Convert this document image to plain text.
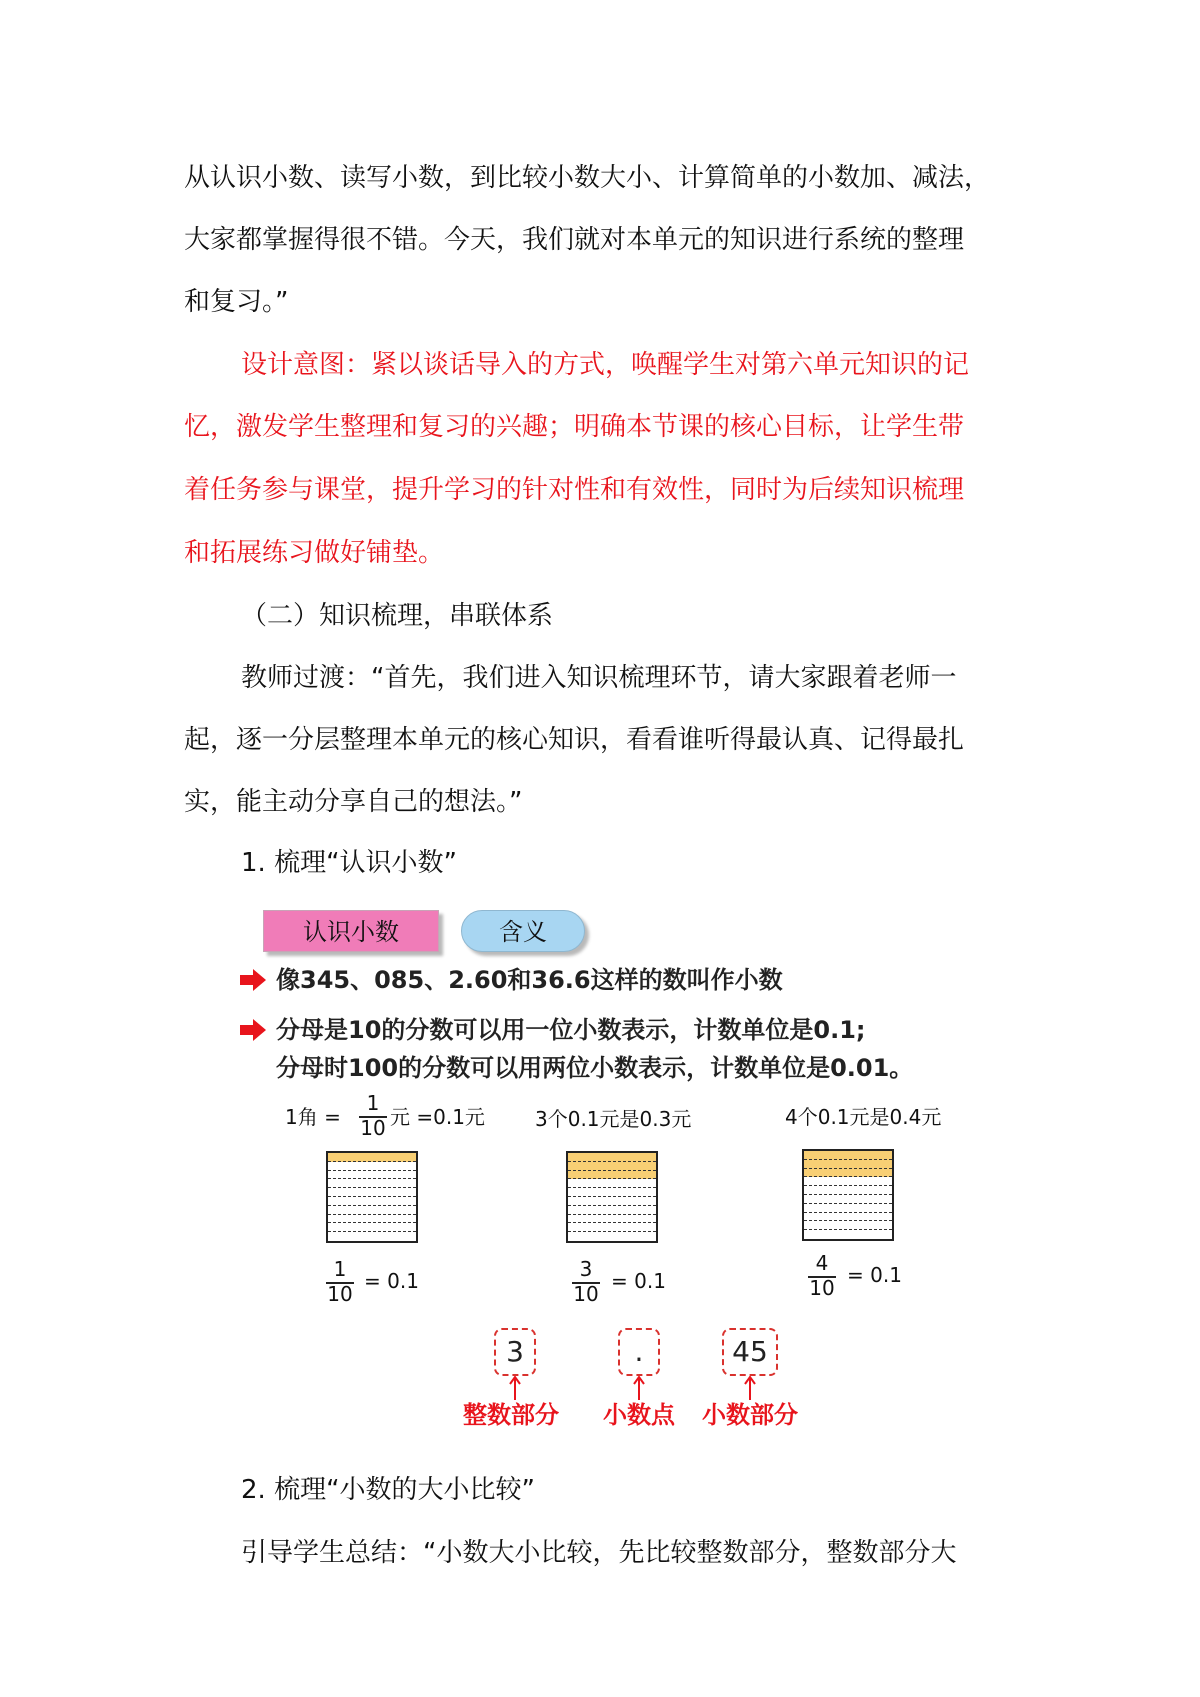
从认识小数、读写小数，到比较小数大小、计算简单的小数加、减法，
大家都掌握得很不错。今天，我们就对本单元的知识进行系统的整理
和复习。”
设计意图：紧以谈话导入的方式，唤醒学生对第六单元知识的记
忆，激发学生整理和复习的兴趣；明确本节课的核心目标，让学生带
着任务参与课堂，提升学习的针对性和有效性，同时为后续知识梳理
和拓展练习做好铺垫。
（二）知识梳理，串联体系
教师过渡：“首先，我们进入知识梳理环节，请大家跟着老师一
起，逐一分层整理本单元的核心知识，看看谁听得最认真、记得最扎
实，能主动分享自己的想法。”
1. 梳理“认识小数”
认识小数	含义
像345、085、2.60和36.6这样的数叫作小数
分母是10的分数可以用一位小数表示，计数单位是0.1;
分母时100的分数可以用两位小数表示，计数单位是0.01。
1角 =
1
10 元 =0.1元	3个0.1元是0.3元	4个0.1元是0.4元
1
10
= 0.1	3
10
= 0.1
4
10
= 0.1
3	.	45
整数部分 小数点 小数部分
2. 梳理“小数的大小比较”
引导学生总结：“小数大小比较，先比较整数部分，整数部分大
